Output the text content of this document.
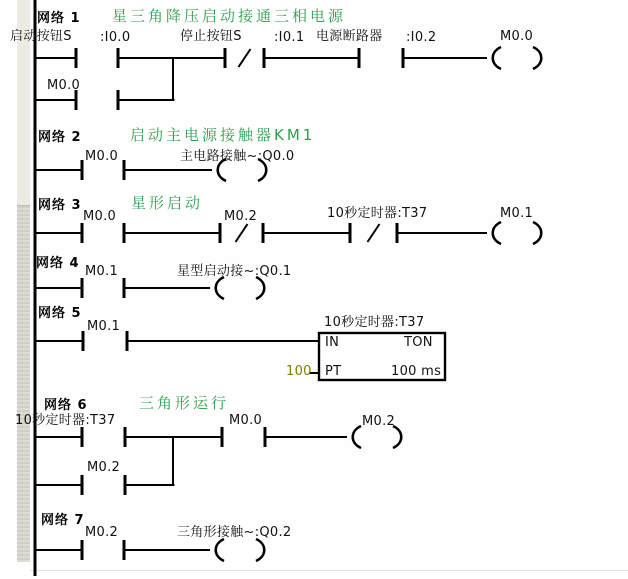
网络 1 星三角降压启动接通三相电源
启动按钮S :I0.0	停止按钮S :I0.1 电源断路器 :I0.2	M0.0
M0.0
网络 2	启动主电源接触器KM1
M0.0	主电路接触~:Q0.0
网络 3	星形启动
M0.0	M0.2	10秒定时器:T37	M0.1
网络 4
M0.1	星型启动接~:Q0.1
网络 5
M0.1	10秒定时器:T37
IN	TON
PT	100 ms
100
网络 6	三角形运行
10秒定时器:T37	M0.0	M0.2
M0.2
网络 7
M0.2	三角形接触~:Q0.2
